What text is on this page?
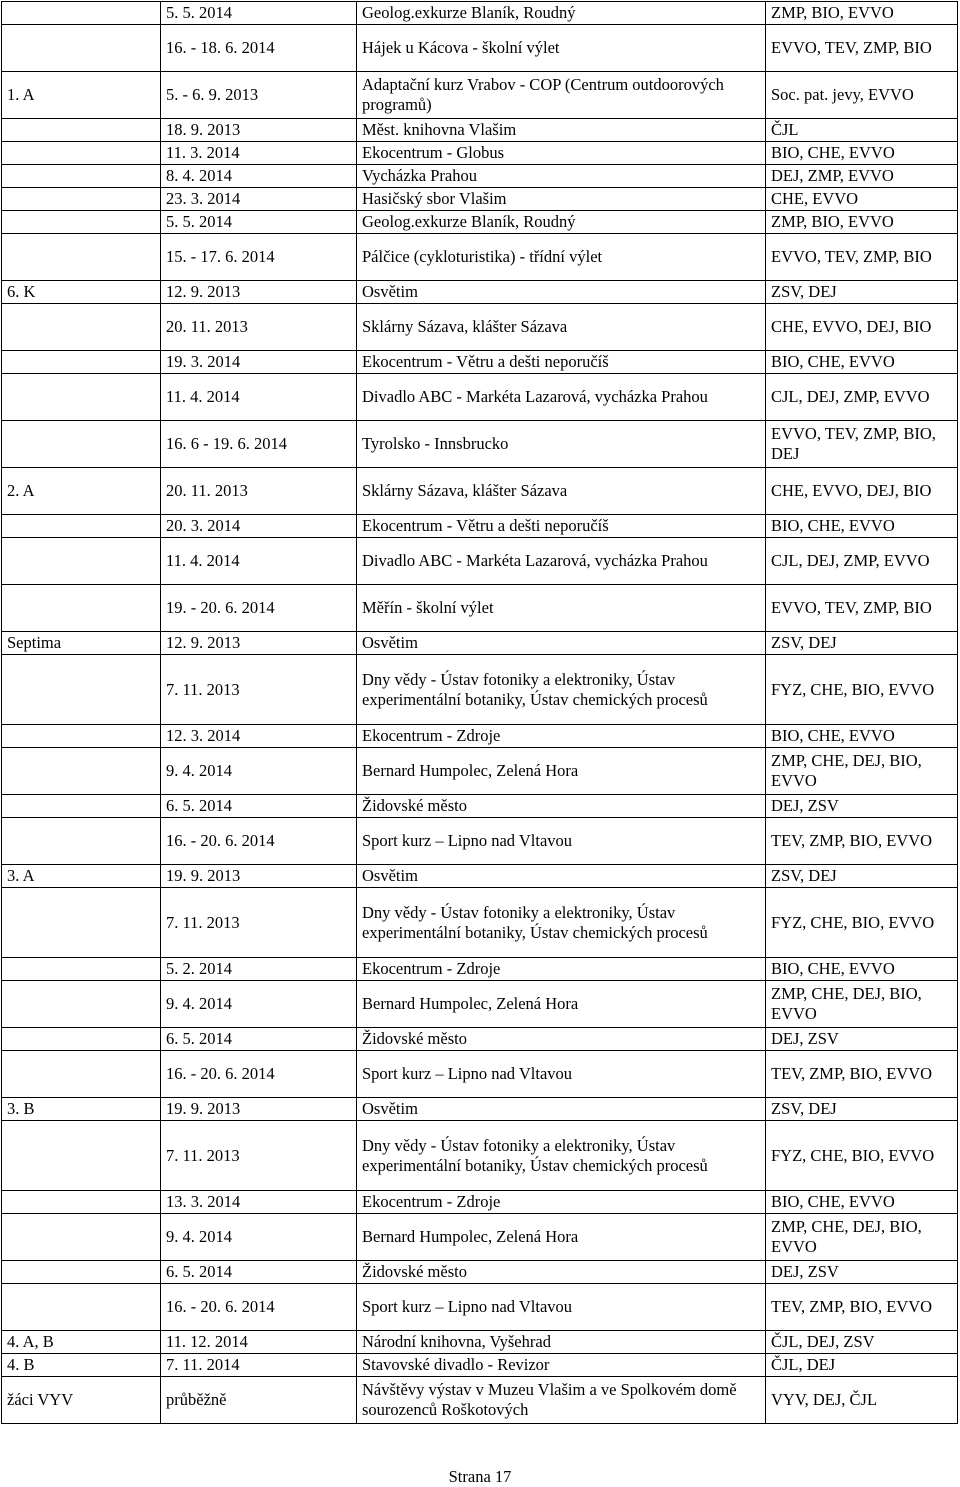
	5. 5. 2014	Geolog.exkurze Blaník, Roudný	ZMP, BIO, EVVO
	16. - 18. 6. 2014	Hájek u Kácova - školní výlet	EVVO, TEV, ZMP, BIO
1. A	5. - 6. 9. 2013	Adaptační kurz Vrabov - COP (Centrum outdoorových programů)	Soc. pat. jevy, EVVO
	18. 9. 2013	Měst. knihovna Vlašim	ČJL
	11. 3. 2014	Ekocentrum - Globus	BIO, CHE, EVVO
	8. 4. 2014	Vycházka Prahou	DEJ, ZMP, EVVO
	23. 3. 2014	Hasičský sbor Vlašim	CHE, EVVO
	5. 5. 2014	Geolog.exkurze Blaník, Roudný	ZMP, BIO, EVVO
	15. - 17. 6. 2014	Pálčice (cykloturistika) - třídní výlet	EVVO, TEV, ZMP, BIO
6. K	12. 9. 2013	Osvětim	ZSV, DEJ
	20. 11. 2013	Sklárny Sázava, klášter Sázava	CHE, EVVO, DEJ, BIO
	19. 3. 2014	Ekocentrum - Větru a dešti neporučíš	BIO, CHE, EVVO
	11. 4. 2014	Divadlo ABC - Markéta Lazarová, vycházka Prahou	CJL, DEJ, ZMP, EVVO
	16. 6 - 19. 6. 2014	Tyrolsko - Innsbrucko	EVVO, TEV, ZMP, BIO, DEJ
2. A	20. 11. 2013	Sklárny Sázava, klášter Sázava	CHE, EVVO, DEJ, BIO
	20. 3. 2014	Ekocentrum - Větru a dešti neporučíš	BIO, CHE, EVVO
	11. 4. 2014	Divadlo ABC - Markéta Lazarová, vycházka Prahou	CJL, DEJ, ZMP, EVVO
	19. - 20. 6. 2014	Měřín - školní výlet	EVVO, TEV, ZMP, BIO
Septima	12. 9. 2013	Osvětim	ZSV, DEJ
	7. 11. 2013	Dny vědy - Ústav fotoniky a elektroniky, Ústav experimentální botaniky, Ústav chemických procesů	FYZ, CHE, BIO, EVVO
	12. 3. 2014	Ekocentrum - Zdroje	BIO, CHE, EVVO
	9. 4. 2014	Bernard Humpolec, Zelená Hora	ZMP, CHE, DEJ, BIO, EVVO
	6. 5. 2014	Židovské město	DEJ, ZSV
	16. - 20. 6. 2014	Sport kurz – Lipno nad Vltavou	TEV, ZMP, BIO, EVVO
3. A	19. 9. 2013	Osvětim	ZSV, DEJ
	7. 11. 2013	Dny vědy - Ústav fotoniky a elektroniky, Ústav experimentální botaniky, Ústav chemických procesů	FYZ, CHE, BIO, EVVO
	5. 2. 2014	Ekocentrum - Zdroje	BIO, CHE, EVVO
	9. 4. 2014	Bernard Humpolec, Zelená Hora	ZMP, CHE, DEJ, BIO, EVVO
	6. 5. 2014	Židovské město	DEJ, ZSV
	16. - 20. 6. 2014	Sport kurz – Lipno nad Vltavou	TEV, ZMP, BIO, EVVO
3. B	19. 9. 2013	Osvětim	ZSV, DEJ
	7. 11. 2013	Dny vědy - Ústav fotoniky a elektroniky, Ústav experimentální botaniky, Ústav chemických procesů	FYZ, CHE, BIO, EVVO
	13. 3. 2014	Ekocentrum - Zdroje	BIO, CHE, EVVO
	9. 4. 2014	Bernard Humpolec, Zelená Hora	ZMP, CHE, DEJ, BIO, EVVO
	6. 5. 2014	Židovské město	DEJ, ZSV
	16. - 20. 6. 2014	Sport kurz – Lipno nad Vltavou	TEV, ZMP, BIO, EVVO
4. A, B	11. 12. 2014	Národní knihovna, Vyšehrad	ČJL, DEJ, ZSV
4. B	7. 11. 2014	Stavovské divadlo - Revizor	ČJL, DEJ
žáci VYV	průběžně	Návštěvy výstav v Muzeu Vlašim a ve Spolkovém domě sourozenců Roškotových	VYV, DEJ, ČJL
Strana 17
